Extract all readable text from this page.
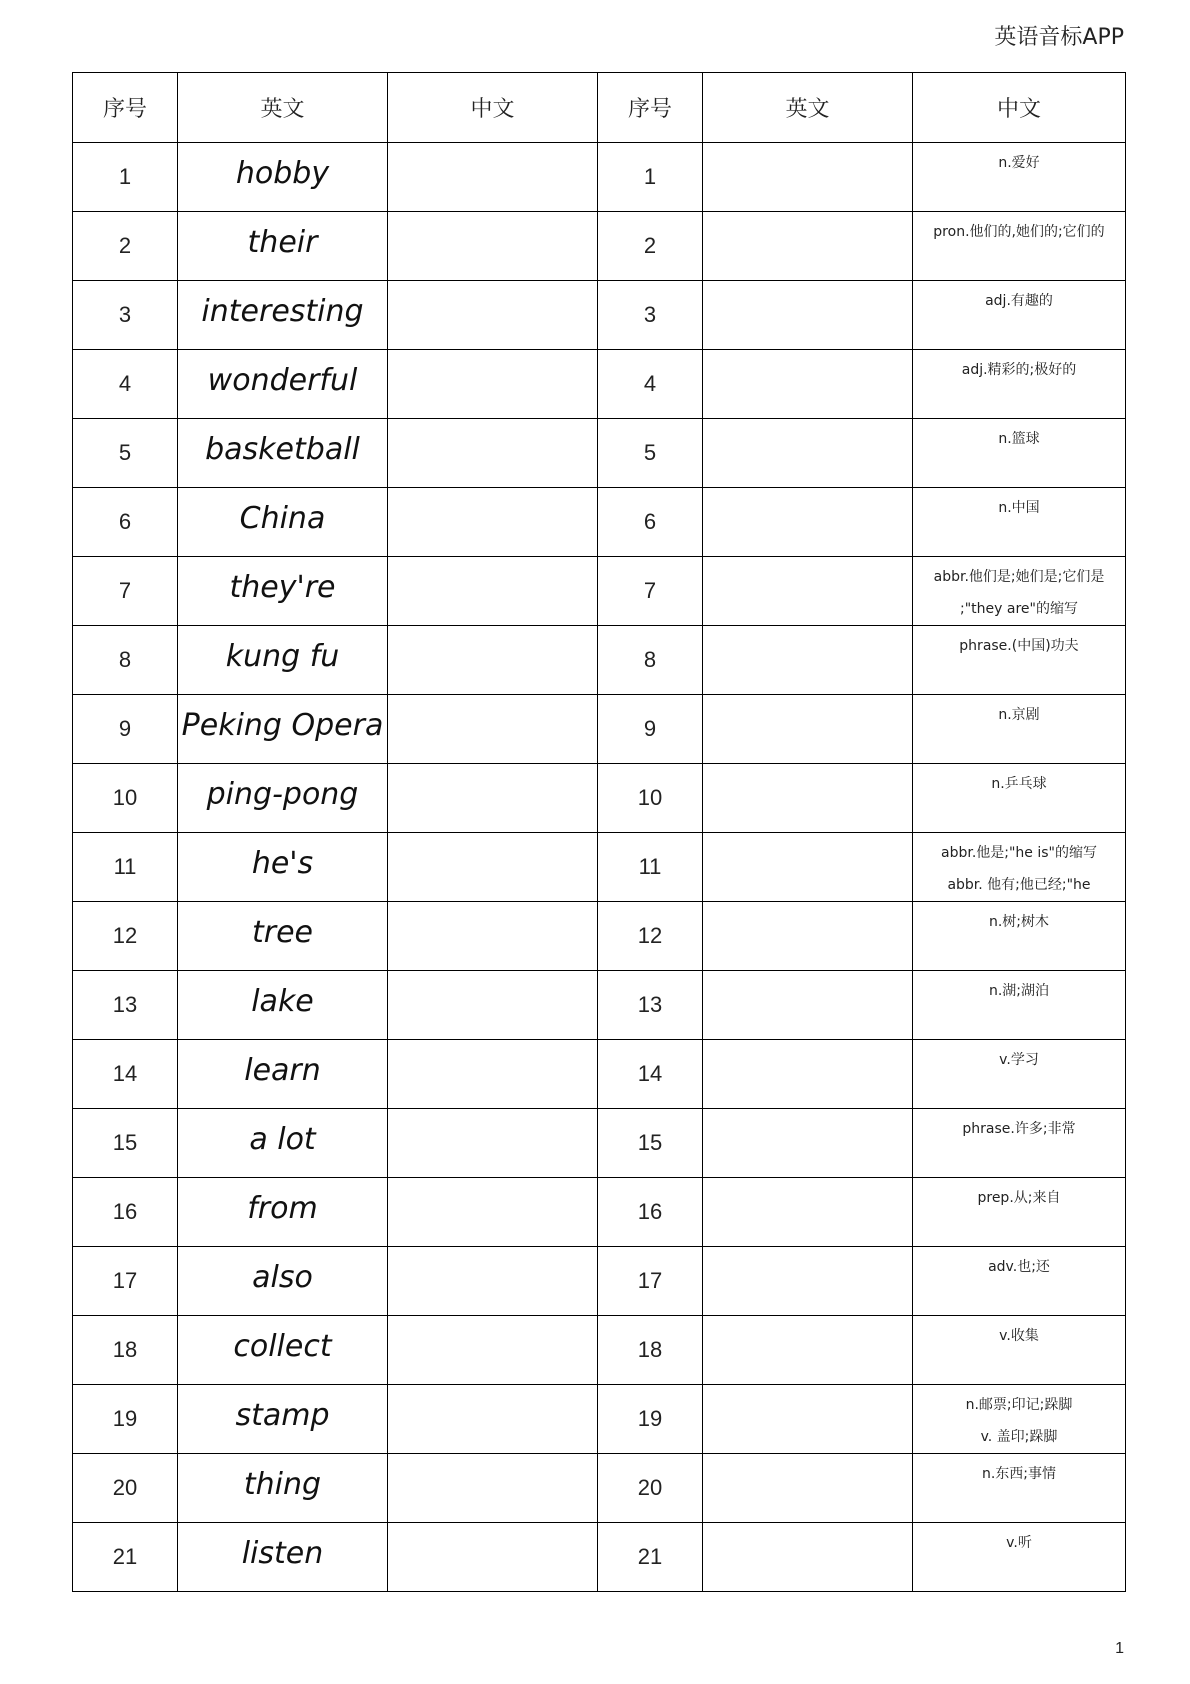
英语音标APP
序号	英文	中文	序号	英文	中文
1	hobby		1		n.爱好

2	their		2		pron.他们的,她们的;它们的

3	interesting		3		adj.有趣的

4	wonderful		4		adj.精彩的;极好的

5	basketball		5		n.篮球

6	China		6		n.中国

7	they're		7		abbr.他们是;她们是;它们是
;"they are"的缩写

8	kung fu		8		phrase.(中国)功夫

9	Peking Opera		9		n.京剧

10	ping-pong		10		n.乒乓球

11	he's		11		abbr.他是;"he is"的缩写
abbr. 他有;他已经;"he

12	tree		12		n.树;树木

13	lake		13		n.湖;湖泊

14	learn		14		v.学习

15	a lot		15		phrase.许多;非常

16	from		16		prep.从;来自

17	also		17		adv.也;还

18	collect		18		v.收集

19	stamp		19		n.邮票;印记;跺脚
v. 盖印;跺脚

20	thing		20		n.东西;事情

21	listen		21		v.听
1
